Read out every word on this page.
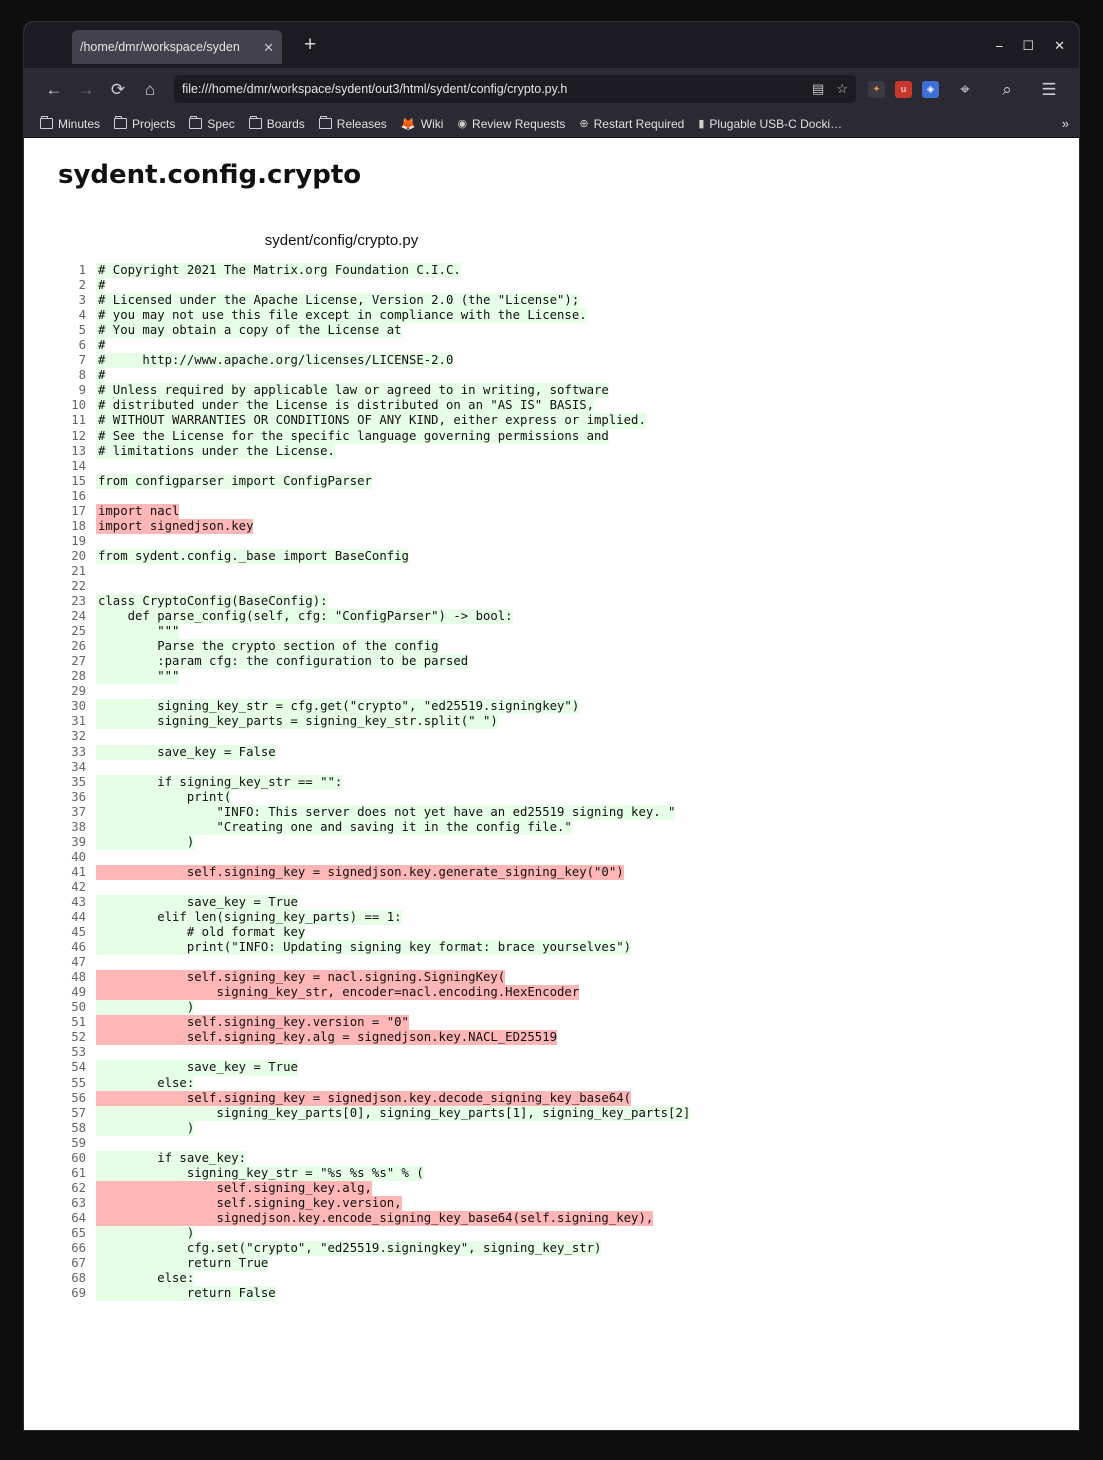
/home/dmr/workspace/syden	✕ +	⎯ ☐ ✕
← → ⟳	⌂	file:///home/dmr/workspace/sydent/out3/html/sydent/config/crypto.py.h	▤ ☆	✦	u	◈	⌖	⌕	☰
Minutes	Projects	Spec	Boards	Releases 🦊 Wiki ◉ Review Requests ⊕ Restart Required ▮ Plugable USB-C Docki…	»
sydent.config.crypto
sydent/config/crypto.py
1 # Copyright 2021 The Matrix.org Foundation C.I.C.
2 #
3 # Licensed under the Apache License, Version 2.0 (the "License");
4 # you may not use this file except in compliance with the License.
5 # You may obtain a copy of the License at
6 #
7 #     http://www.apache.org/licenses/LICENSE-2.0
8 #
9 # Unless required by applicable law or agreed to in writing, software
10 # distributed under the License is distributed on an "AS IS" BASIS,
11 # WITHOUT WARRANTIES OR CONDITIONS OF ANY KIND, either express or implied.
12 # See the License for the specific language governing permissions and
13 # limitations under the License.
14

15 from configparser import ConfigParser
16

17 import nacl
18 import signedjson.key
19

20 from sydent.config._base import BaseConfig
21

22

23 class CryptoConfig(BaseConfig):
24 def parse_config(self, cfg: "ConfigParser") -> bool:
25 """
26 Parse the crypto section of the config
27 :param cfg: the configuration to be parsed
28 """
29

30 signing_key_str = cfg.get("crypto", "ed25519.signingkey")
31 signing_key_parts = signing_key_str.split(" ")
32

33 save_key = False
34

35 if signing_key_str == "":
36 print(
37 "INFO: This server does not yet have an ed25519 signing key. "
38 "Creating one and saving it in the config file."
39 )
40

41 self.signing_key = signedjson.key.generate_signing_key("0")
42

43 save_key = True
44 elif len(signing_key_parts) == 1:
45 # old format key
46 print("INFO: Updating signing key format: brace yourselves")
47

48 self.signing_key = nacl.signing.SigningKey(
49 signing_key_str, encoder=nacl.encoding.HexEncoder
50 )
51 self.signing_key.version = "0"
52 self.signing_key.alg = signedjson.key.NACL_ED25519
53

54 save_key = True
55 else:
56 self.signing_key = signedjson.key.decode_signing_key_base64(
57 signing_key_parts[0], signing_key_parts[1], signing_key_parts[2]
58 )
59

60 if save_key:
61 signing_key_str = "%s %s %s" % (
62 self.signing_key.alg,
63 self.signing_key.version,
64 signedjson.key.encode_signing_key_base64(self.signing_key),
65 )
66 cfg.set("crypto", "ed25519.signingkey", signing_key_str)
67 return True
68 else:
69 return False
